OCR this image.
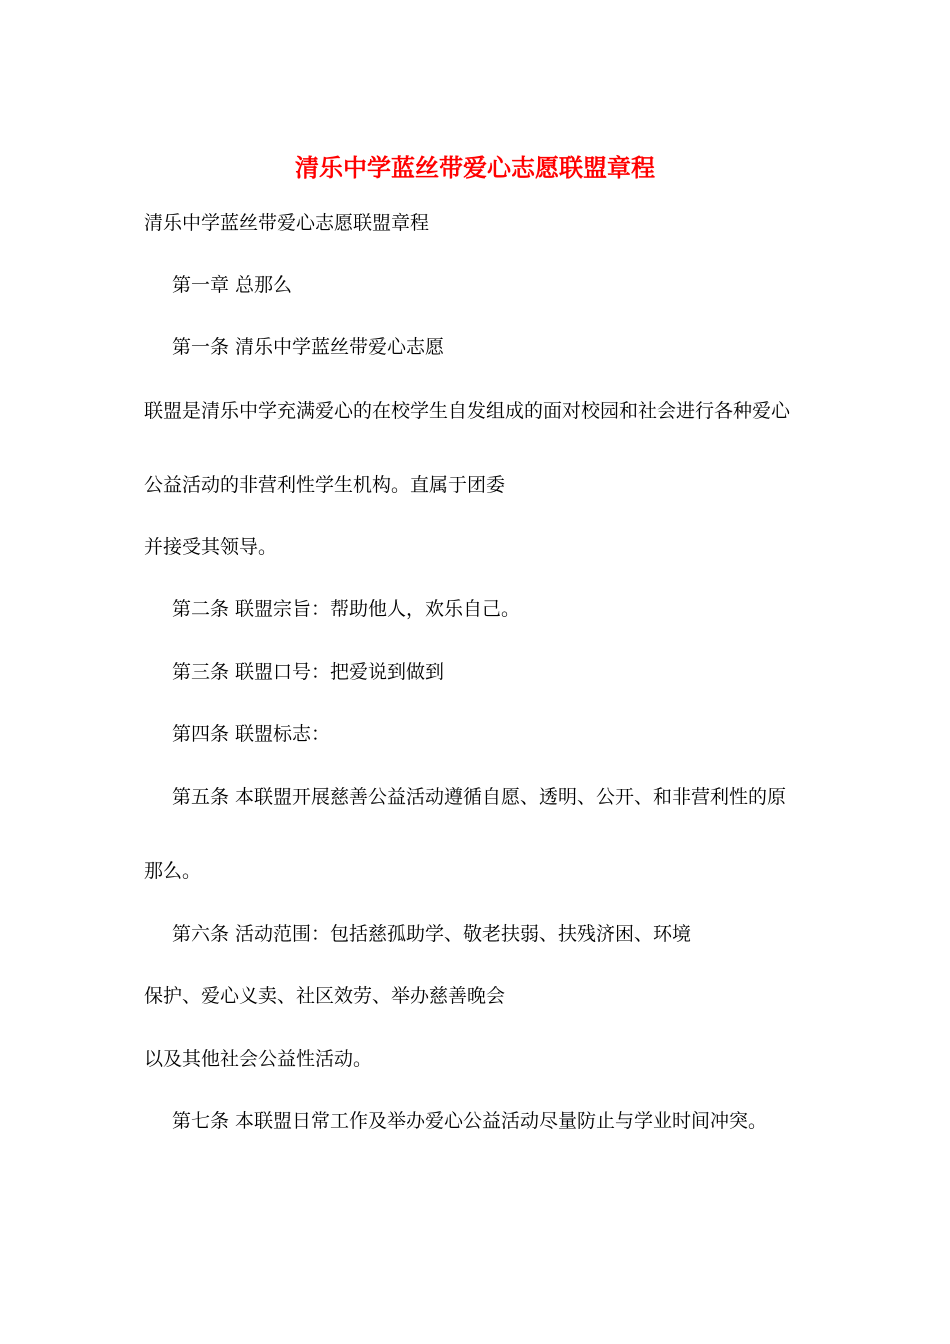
清乐中学蓝丝带爱心志愿联盟章程

清乐中学蓝丝带爱心志愿联盟章程

第一章 总那么

第一条 清乐中学蓝丝带爱心志愿

联盟是清乐中学充满爱心的在校学生自发组成的面对校园和社会进行各种爱心

公益活动的非营利性学生机构。直属于团委

并接受其领导。

第二条 联盟宗旨：帮助他人，欢乐自己。

第三条 联盟口号：把爱说到做到

第四条 联盟标志：

第五条 本联盟开展慈善公益活动遵循自愿、透明、公开、和非营利性的原

那么。

第六条 活动范围：包括慈孤助学、敬老扶弱、扶残济困、环境

保护、爱心义卖、社区效劳、举办慈善晚会

以及其他社会公益性活动。

第七条 本联盟日常工作及举办爱心公益活动尽量防止与学业时间冲突。
